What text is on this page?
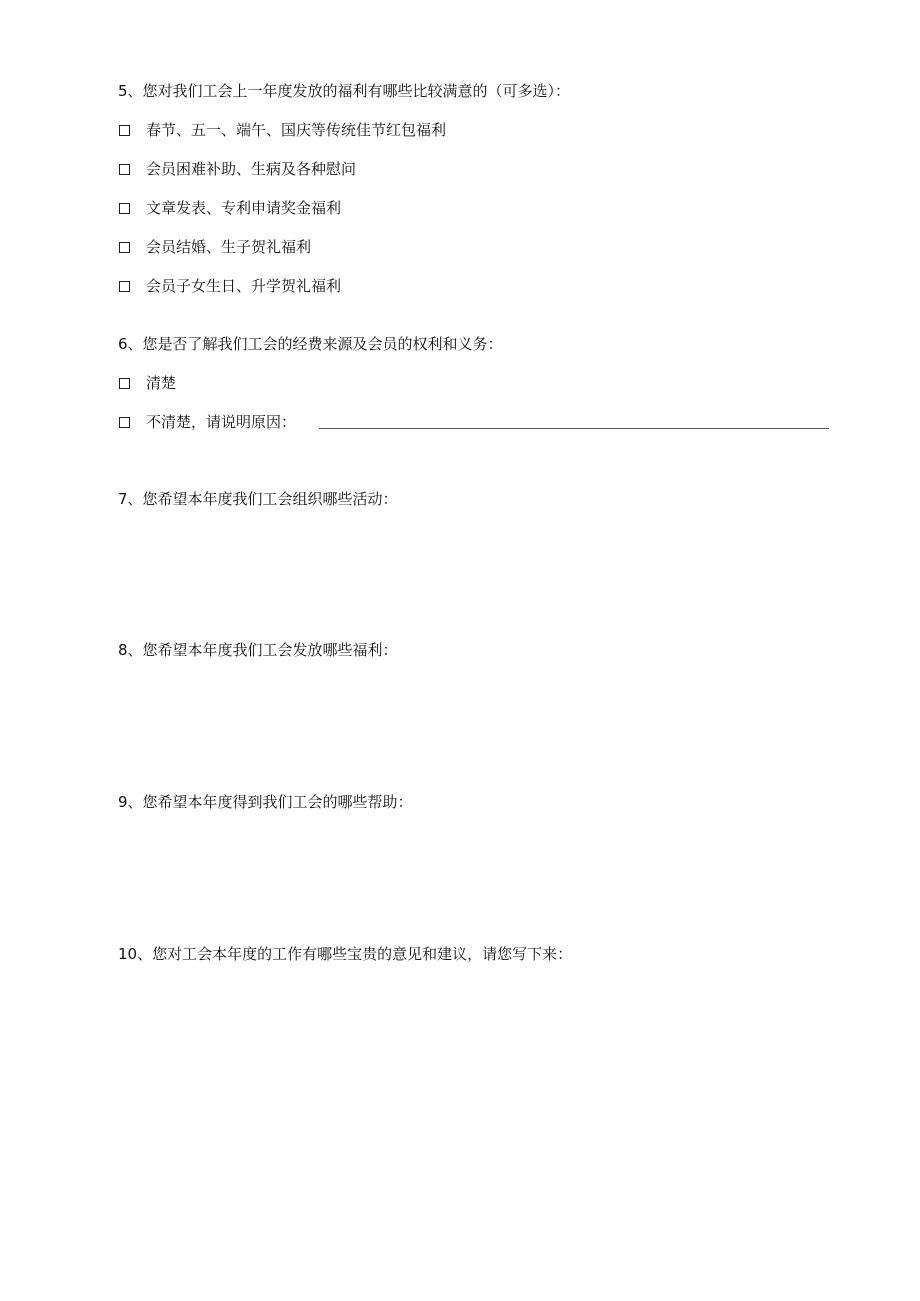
5、您对我们工会上一年度发放的福利有哪些比较满意的（可多选）：
春节、五一、端午、国庆等传统佳节红包福利
会员困难补助、生病及各种慰问
文章发表、专利申请奖金福利
会员结婚、生子贺礼福利
会员子女生日、升学贺礼福利
6、您是否了解我们工会的经费来源及会员的权利和义务：
清楚
不清楚，请说明原因：
7、您希望本年度我们工会组织哪些活动：
8、您希望本年度我们工会发放哪些福利：
9、您希望本年度得到我们工会的哪些帮助：
10、您对工会本年度的工作有哪些宝贵的意见和建议，请您写下来：
